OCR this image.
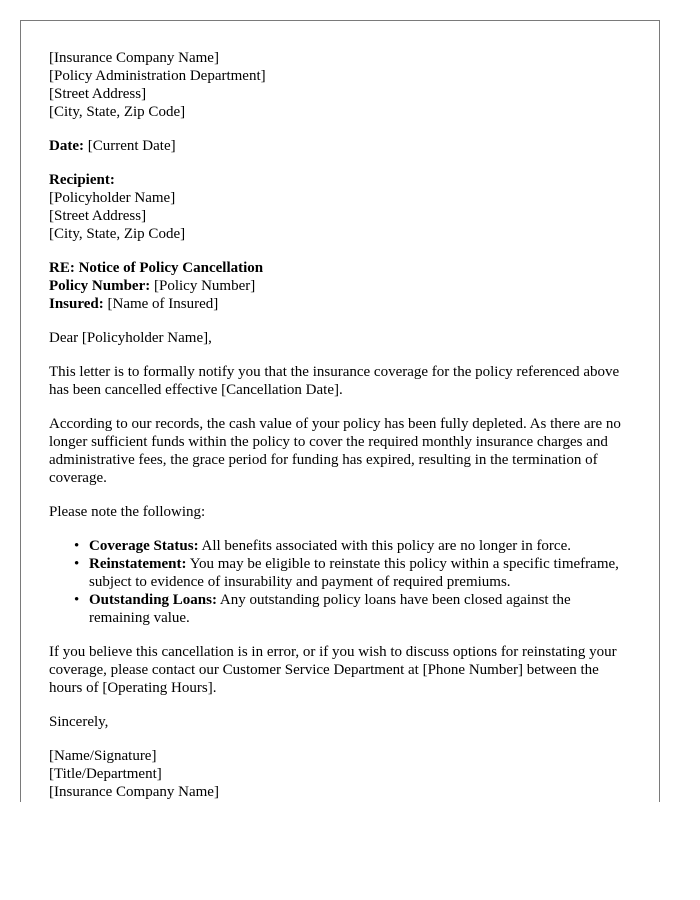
[Insurance Company Name]
[Policy Administration Department]
[Street Address]
[City, State, Zip Code]
Date: [Current Date]
Recipient:
[Policyholder Name]
[Street Address]
[City, State, Zip Code]
RE: Notice of Policy Cancellation
Policy Number: [Policy Number]
Insured: [Name of Insured]

Dear [Policyholder Name],

This letter is to formally notify you that the insurance coverage for the policy referenced above has been cancelled effective [Cancellation Date].

According to our records, the cash value of your policy has been fully depleted. As there are no longer sufficient funds within the policy to cover the required monthly insurance charges and administrative fees, the grace period for funding has expired, resulting in the termination of coverage.

Please note the following:

• Coverage Status: All benefits associated with this policy are no longer in force.
• Reinstatement: You may be eligible to reinstate this policy within a specific timeframe, subject to evidence of insurability and payment of required premiums.
• Outstanding Loans: Any outstanding policy loans have been closed against the remaining value.

If you believe this cancellation is in error, or if you wish to discuss options for reinstating your coverage, please contact our Customer Service Department at [Phone Number] between the hours of [Operating Hours].

Sincerely,

[Name/Signature]
[Title/Department]
[Insurance Company Name]
